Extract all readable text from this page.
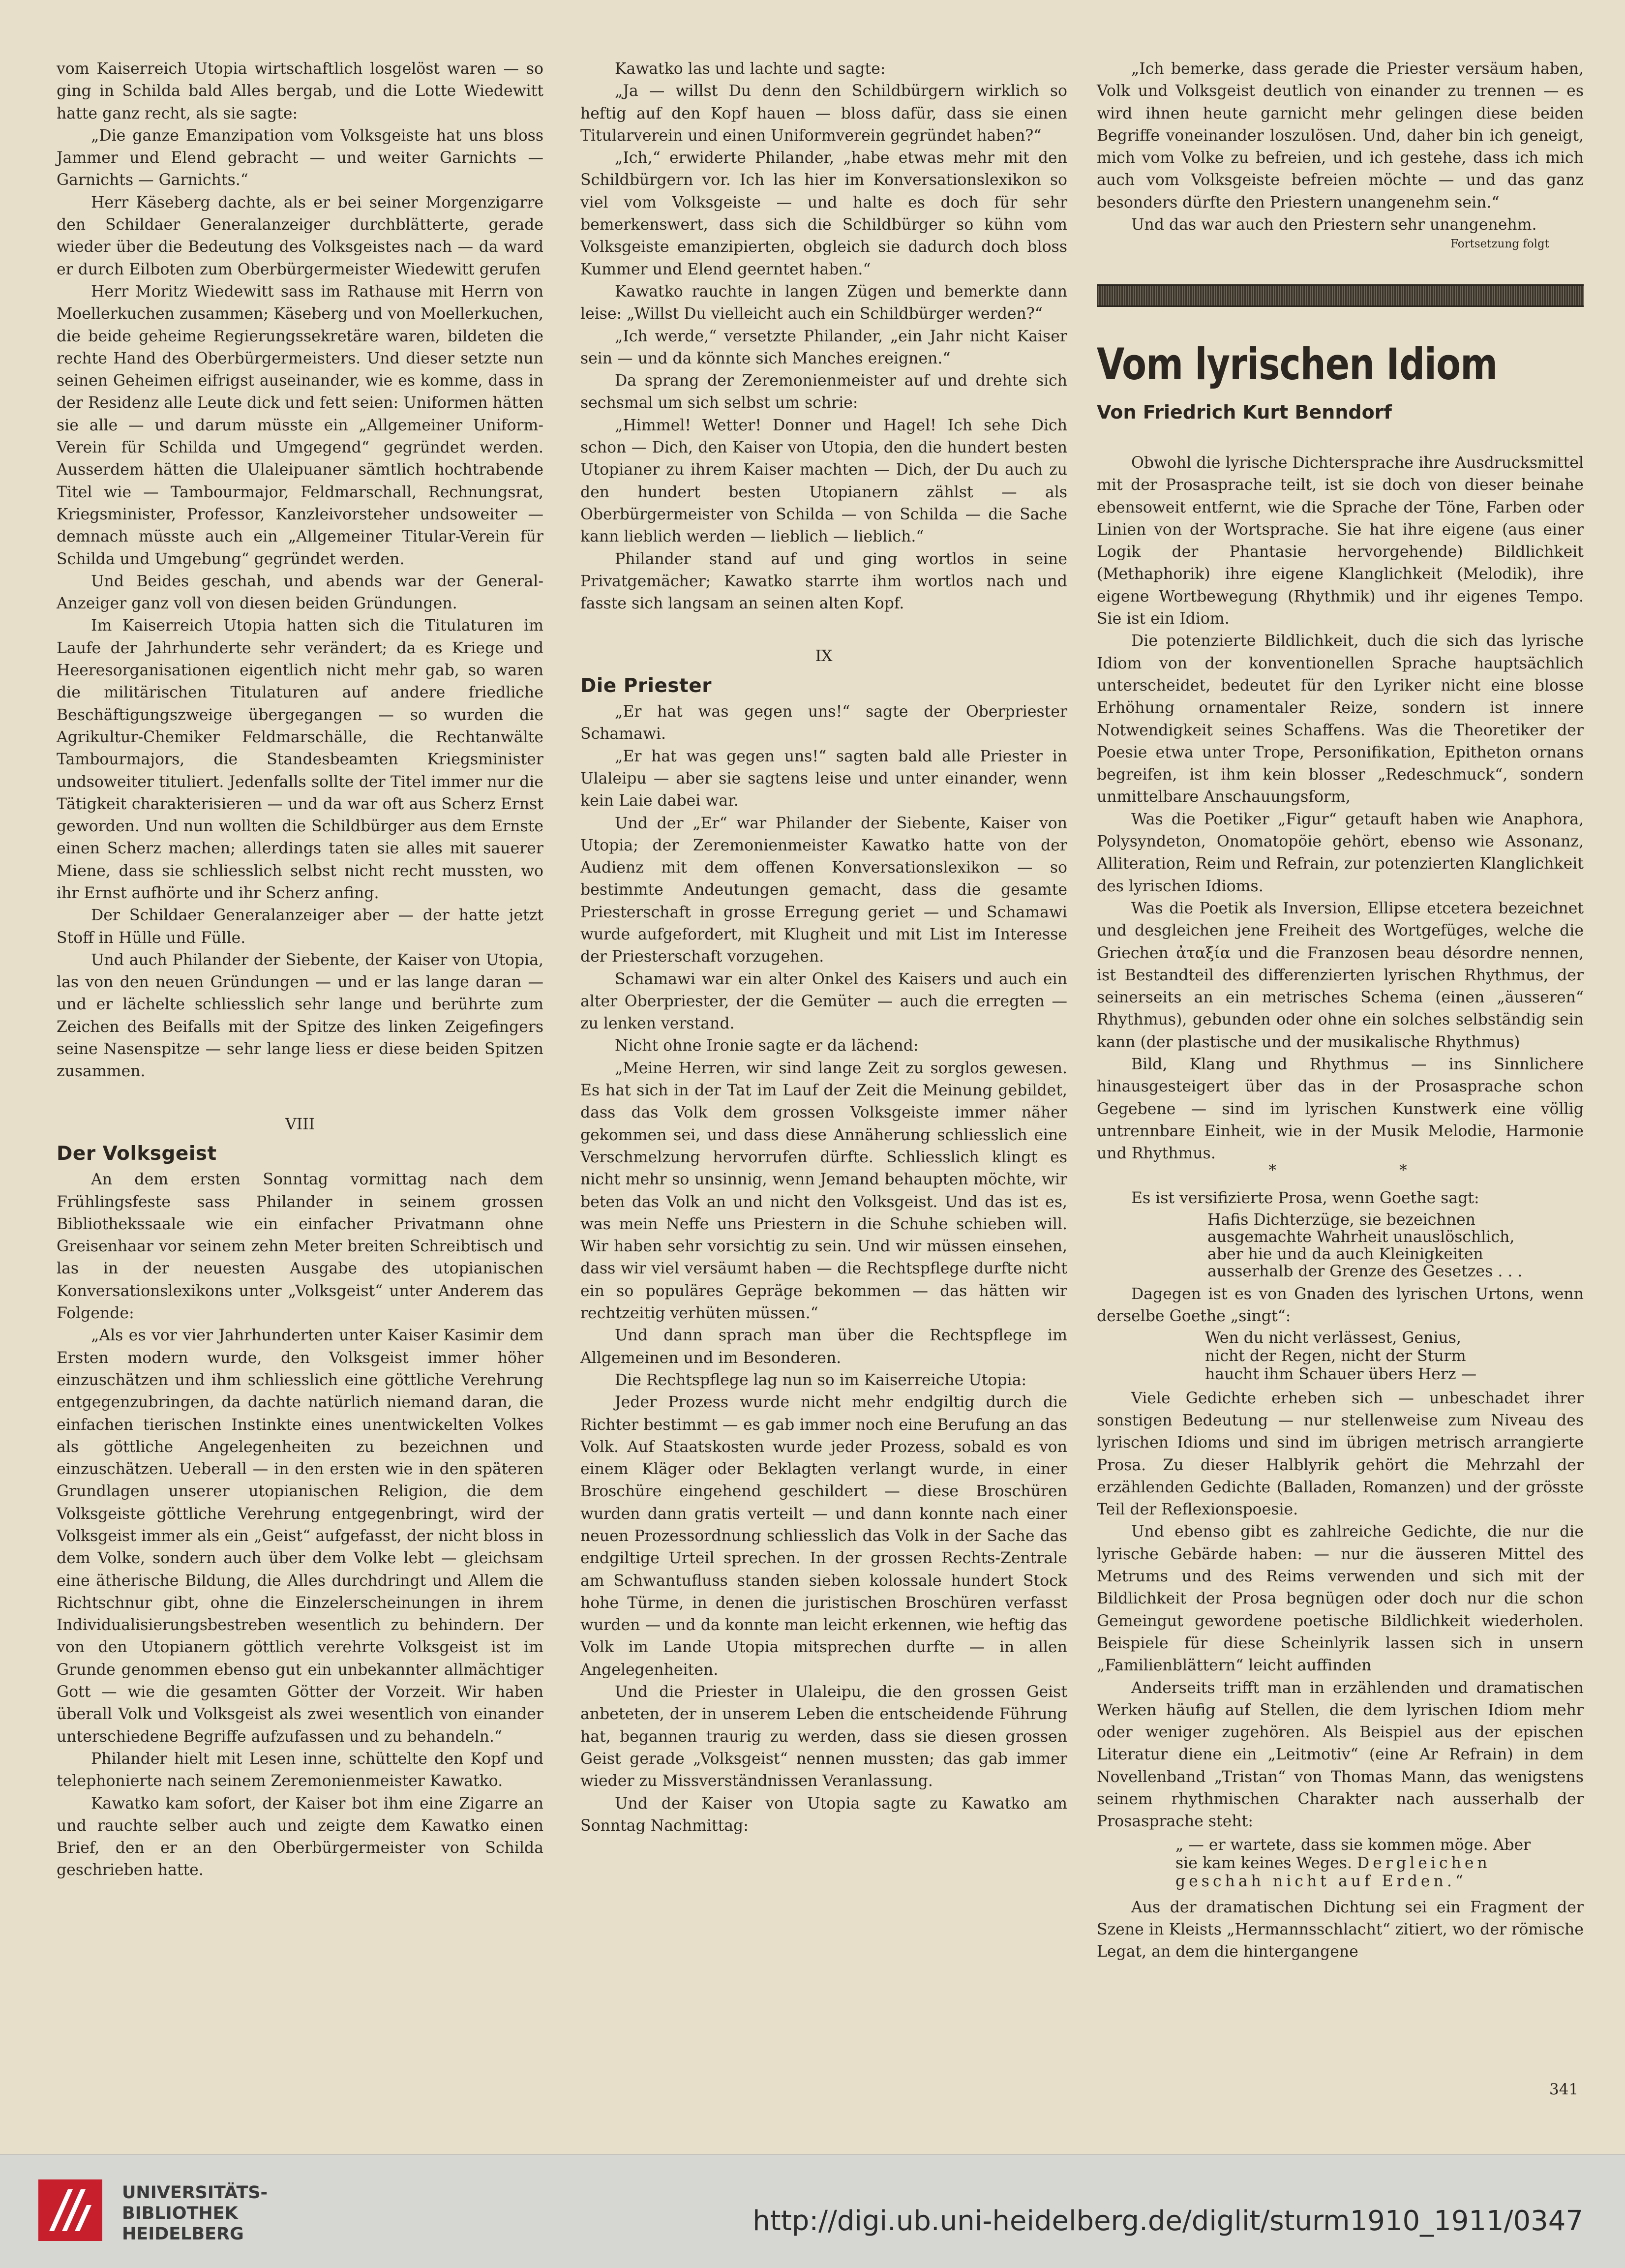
vom Kaiserreich Utopia wirtschaftlich losgelöst waren — so ging in Schilda bald Alles bergab, und die Lotte Wiedewitt hatte ganz recht, als sie sagte:

„Die ganze Emanzipation vom Volksgeiste hat uns bloss Jammer und Elend gebracht — und weiter Garnichts — Garnichts — Garnichts.“

Herr Käseberg dachte, als er bei seiner Morgenzigarre den Schildaer Generalanzeiger durchblätterte, gerade wieder über die Bedeutung des Volksgeistes nach — da ward er durch Eilboten zum Oberbürgermeister Wiedewitt gerufen

Herr Moritz Wiedewitt sass im Rathause mit Herrn von Moellerkuchen zusammen; Käseberg und von Moellerkuchen, die beide geheime Regierungssekretäre waren, bildeten die rechte Hand des Oberbürgermeisters. Und dieser setzte nun seinen Geheimen eifrigst auseinander, wie es komme, dass in der Residenz alle Leute dick und fett seien: Uniformen hätten sie alle — und darum müsste ein „Allgemeiner Uniform-Verein für Schilda und Umgegend“ gegründet werden. Ausserdem hätten die Ulaleipuaner sämtlich hochtrabende Titel wie — Tambourmajor, Feldmarschall, Rechnungsrat, Kriegsminister, Professor, Kanzleivorsteher undsoweiter — demnach müsste auch ein „Allgemeiner Titular-Verein für Schilda und Umgebung“ gegründet werden.

Und Beides geschah, und abends war der General-Anzeiger ganz voll von diesen beiden Gründungen.

Im Kaiserreich Utopia hatten sich die Titulaturen im Laufe der Jahrhunderte sehr verändert; da es Kriege und Heeresorganisationen eigentlich nicht mehr gab, so waren die militärischen Titulaturen auf andere friedliche Beschäftigungszweige übergegangen — so wurden die Agrikultur-Chemiker Feldmarschälle, die Rechtanwälte Tambourmajors, die Standesbeamten Kriegsminister undsoweiter tituliert. Jedenfalls sollte der Titel immer nur die Tätigkeit charakterisieren — und da war oft aus Scherz Ernst geworden. Und nun wollten die Schildbürger aus dem Ernste einen Scherz machen; allerdings taten sie alles mit sauerer Miene, dass sie schliesslich selbst nicht recht mussten, wo ihr Ernst aufhörte und ihr Scherz anfing.

Der Schildaer Generalanzeiger aber — der hatte jetzt Stoff in Hülle und Fülle.

Und auch Philander der Siebente, der Kaiser von Utopia, las von den neuen Gründungen — und er las lange daran — und er lächelte schliesslich sehr lange und berührte zum Zeichen des Beifalls mit der Spitze des linken Zeigefingers seine Nasenspitze — sehr lange liess er diese beiden Spitzen zusammen.

VIII
Der Volksgeist

An dem ersten Sonntag vormittag nach dem Frühlingsfeste sass Philander in seinem grossen Bibliothekssaale wie ein einfacher Privatmann ohne Greisenhaar vor seinem zehn Meter breiten Schreibtisch und las in der neuesten Ausgabe des utopianischen Konversationslexikons unter „Volksgeist“ unter Anderem das Folgende:

„Als es vor vier Jahrhunderten unter Kaiser Kasimir dem Ersten modern wurde, den Volksgeist immer höher einzuschätzen und ihm schliesslich eine göttliche Verehrung entgegenzubringen, da dachte natürlich niemand daran, die einfachen tierischen Instinkte eines unentwickelten Volkes als göttliche Angelegenheiten zu bezeichnen und einzuschätzen. Ueberall — in den ersten wie in den späteren Grundlagen unserer utopianischen Religion, die dem Volksgeiste göttliche Verehrung entgegenbringt, wird der Volksgeist immer als ein „Geist“ aufgefasst, der nicht bloss in dem Volke, sondern auch über dem Volke lebt — gleichsam eine ätherische Bildung, die Alles durchdringt und Allem die Richtschnur gibt, ohne die Einzelerscheinungen in ihrem Individualisierungsbestreben wesentlich zu behindern. Der von den Utopianern göttlich verehrte Volksgeist ist im Grunde genommen ebenso gut ein unbekannter allmächtiger Gott — wie die gesamten Götter der Vorzeit. Wir haben überall Volk und Volksgeist als zwei wesentlich von einander unterschiedene Begriffe aufzufassen und zu behandeln.“

Philander hielt mit Lesen inne, schüttelte den Kopf und telephonierte nach seinem Zeremonienmeister Kawatko.

Kawatko kam sofort, der Kaiser bot ihm eine Zigarre an und rauchte selber auch und zeigte dem Kawatko einen Brief, den er an den Oberbürgermeister von Schilda geschrieben hatte.

Kawatko las und lachte und sagte:

„Ja — willst Du denn den Schildbürgern wirklich so heftig auf den Kopf hauen — bloss dafür, dass sie einen Titularverein und einen Uniformverein gegründet haben?“

„Ich,“ erwiderte Philander, „habe etwas mehr mit den Schildbürgern vor. Ich las hier im Konversationslexikon so viel vom Volksgeiste — und halte es doch für sehr bemerkenswert, dass sich die Schildbürger so kühn vom Volksgeiste emanzipierten, obgleich sie dadurch doch bloss Kummer und Elend geerntet haben.“

Kawatko rauchte in langen Zügen und bemerkte dann leise: „Willst Du vielleicht auch ein Schildbürger werden?“

„Ich werde,“ versetzte Philander, „ein Jahr nicht Kaiser sein — und da könnte sich Manches ereignen.“

Da sprang der Zeremonienmeister auf und drehte sich sechsmal um sich selbst um schrie:

„Himmel! Wetter! Donner und Hagel! Ich sehe Dich schon — Dich, den Kaiser von Utopia, den die hundert besten Utopianer zu ihrem Kaiser machten — Dich, der Du auch zu den hundert besten Utopianern zählst — als Oberbürgermeister von Schilda — von Schilda — die Sache kann lieblich werden — lieblich — lieblich.“

Philander stand auf und ging wortlos in seine Privatgemächer; Kawatko starrte ihm wortlos nach und fasste sich langsam an seinen alten Kopf.

IX
Die Priester

„Er hat was gegen uns!“ sagte der Oberpriester Schamawi.

„Er hat was gegen uns!“ sagten bald alle Priester in Ulaleipu — aber sie sagtens leise und unter einander, wenn kein Laie dabei war.

Und der „Er“ war Philander der Siebente, Kaiser von Utopia; der Zeremonienmeister Kawatko hatte von der Audienz mit dem offenen Konversationslexikon — so bestimmte Andeutungen gemacht, dass die gesamte Priesterschaft in grosse Erregung geriet — und Schamawi wurde aufgefordert, mit Klugheit und mit List im Interesse der Priesterschaft vorzugehen.

Schamawi war ein alter Onkel des Kaisers und auch ein alter Oberpriester, der die Gemüter — auch die erregten — zu lenken verstand.

Nicht ohne Ironie sagte er da lächend:

„Meine Herren, wir sind lange Zeit zu sorglos gewesen. Es hat sich in der Tat im Lauf der Zeit die Meinung gebildet, dass das Volk dem grossen Volksgeiste immer näher gekommen sei, und dass diese Annäherung schliesslich eine Verschmelzung hervorrufen dürfte. Schliesslich klingt es nicht mehr so unsinnig, wenn Jemand behaupten möchte, wir beten das Volk an und nicht den Volksgeist. Und das ist es, was mein Neffe uns Priestern in die Schuhe schieben will. Wir haben sehr vorsichtig zu sein. Und wir müssen einsehen, dass wir viel versäumt haben — die Rechtspflege durfte nicht ein so populäres Gepräge bekommen — das hätten wir rechtzeitig verhüten müssen.“

Und dann sprach man über die Rechtspflege im Allgemeinen und im Besonderen.

Die Rechtspflege lag nun so im Kaiserreiche Utopia:

Jeder Prozess wurde nicht mehr endgiltig durch die Richter bestimmt — es gab immer noch eine Berufung an das Volk. Auf Staatskosten wurde jeder Prozess, sobald es von einem Kläger oder Beklagten verlangt wurde, in einer Broschüre eingehend geschildert — diese Broschüren wurden dann gratis verteilt — und dann konnte nach einer neuen Prozessordnung schliesslich das Volk in der Sache das endgiltige Urteil sprechen. In der grossen Rechts-Zentrale am Schwantufluss standen sieben kolossale hundert Stock hohe Türme, in denen die juristischen Broschüren verfasst wurden — und da konnte man leicht erkennen, wie heftig das Volk im Lande Utopia mitsprechen durfte — in allen Angelegenheiten.

Und die Priester in Ulaleipu, die den grossen Geist anbeteten, der in unserem Leben die entscheidende Führung hat, begannen traurig zu werden, dass sie diesen grossen Geist gerade „Volksgeist“ nennen mussten; das gab immer wieder zu Missverständnissen Veranlassung.

Und der Kaiser von Utopia sagte zu Kawatko am Sonntag Nachmittag:

„Ich bemerke, dass gerade die Priester versäum haben, Volk und Volksgeist deutlich von einander zu trennen — es wird ihnen heute garnicht mehr gelingen diese beiden Begriffe voneinander loszulösen. Und, daher bin ich geneigt, mich vom Volke zu befreien, und ich gestehe, dass ich mich auch vom Volksgeiste befreien möchte — und das ganz besonders dürfte den Priestern unangenehm sein.“

Und das war auch den Priestern sehr unangenehm.

Fortsetzung folgt
Vom lyrischen Idiom
Von Friedrich Kurt Benndorf

Obwohl die lyrische Dichtersprache ihre Ausdrucksmittel mit der Prosasprache teilt, ist sie doch von dieser beinahe ebensoweit entfernt, wie die Sprache der Töne, Farben oder Linien von der Wortsprache. Sie hat ihre eigene (aus einer Logik der Phantasie hervorgehende) Bildlichkeit (Methaphorik) ihre eigene Klanglichkeit (Melodik), ihre eigene Wortbewegung (Rhythmik) und ihr eigenes Tempo. Sie ist ein Idiom.

Die potenzierte Bildlichkeit, duch die sich das lyrische Idiom von der konventionellen Sprache hauptsächlich unterscheidet, bedeutet für den Lyriker nicht eine blosse Erhöhung ornamentaler Reize, sondern ist innere Notwendigkeit seines Schaffens. Was die Theoretiker der Poesie etwa unter Trope, Personifikation, Epitheton ornans begreifen, ist ihm kein blosser „Redeschmuck“, sondern unmittelbare Anschauungsform,

Was die Poetiker „Figur“ getauft haben wie Anaphora, Polysyndeton, Onomatopöie gehört, ebenso wie Assonanz, Alliteration, Reim und Refrain, zur potenzierten Klanglichkeit des lyrischen Idioms.

Was die Poetik als Inversion, Ellipse etcetera bezeichnet und desgleichen jene Freiheit des Wortgefüges, welche die Griechen ἀταξία und die Franzosen beau désordre nennen, ist Bestandteil des differenzierten lyrischen Rhythmus, der seinerseits an ein metrisches Schema (einen „äusseren“ Rhythmus), gebunden oder ohne ein solches selbständig sein kann (der plastische und der musikalische Rhythmus)

Bild, Klang und Rhythmus — ins Sinnlichere hinausgesteigert über das in der Prosasprache schon Gegebene — sind im lyrischen Kunstwerk eine völlig untrennbare Einheit, wie in der Musik Melodie, Harmonie und Rhythmus.

* *

Es ist versifizierte Prosa, wenn Goethe sagt:

Hafis Dichterzüge, sie bezeichnen
ausgemachte Wahrheit unauslöschlich,
aber hie und da auch Kleinigkeiten
ausserhalb der Grenze des Gesetzes . . .

Dagegen ist es von Gnaden des lyrischen Urtons, wenn derselbe Goethe „singt“:

Wen du nicht verlässest, Genius,
nicht der Regen, nicht der Sturm
haucht ihm Schauer übers Herz —

Viele Gedichte erheben sich — unbeschadet ihrer sonstigen Bedeutung — nur stellenweise zum Niveau des lyrischen Idioms und sind im übrigen metrisch arrangierte Prosa. Zu dieser Halblyrik gehört die Mehrzahl der erzählenden Gedichte (Balladen, Romanzen) und der grösste Teil der Reflexionspoesie.

Und ebenso gibt es zahlreiche Gedichte, die nur die lyrische Gebärde haben: — nur die äusseren Mittel des Metrums und des Reims verwenden und sich mit der Bildlichkeit der Prosa begnügen oder doch nur die schon Gemeingut gewordene poetische Bildlichkeit wiederholen. Beispiele für diese Scheinlyrik lassen sich in unsern „Familienblättern“ leicht auffinden

Anderseits trifft man in erzählenden und dramatischen Werken häufig auf Stellen, die dem lyrischen Idiom mehr oder weniger zugehören. Als Beispiel aus der epischen Literatur diene ein „Leitmotiv“ (eine Ar Refrain) in dem Novellenband „Tristan“ von Thomas Mann, das wenigstens seinem rhythmischen Charakter nach ausserhalb der Prosasprache steht:

„ — er wartete, dass sie kommen möge. Aber
sie kam keines Weges. Dergleichen
geschah nicht auf Erden.“

Aus der dramatischen Dichtung sei ein Fragment der Szene in Kleists „Hermannsschlacht“ zitiert, wo der römische Legat, an dem die hintergangene

341
UNIVERSITÄTS-
BIBLIOTHEK
HEIDELBERG	http://digi.ub.uni-heidelberg.de/diglit/sturm1910_1911/0347
